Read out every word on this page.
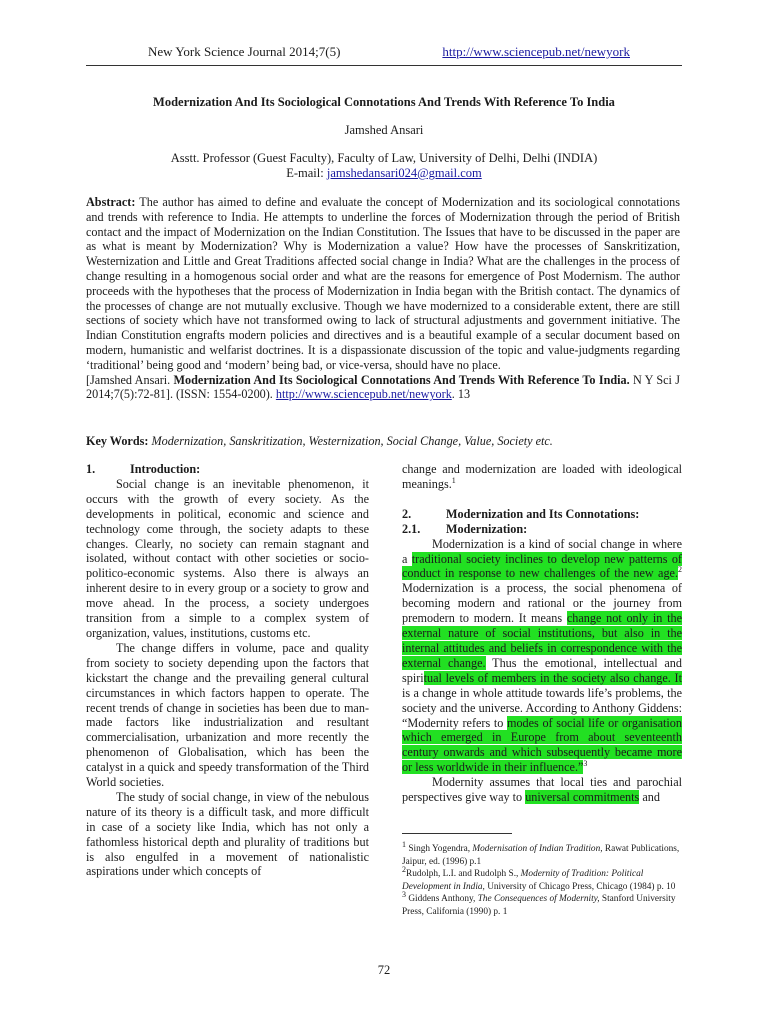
New York Science Journal 2014;7(5)	http://www.sciencepub.net/newyork
Modernization And Its Sociological Connotations And Trends With Reference To India
Jamshed Ansari
Asstt. Professor (Guest Faculty), Faculty of Law, University of Delhi, Delhi (INDIA)
E-mail: jamshedansari024@gmail.com
Abstract: The author has aimed to define and evaluate the concept of Modernization and its sociological connotations and trends with reference to India. He attempts to underline the forces of Modernization through the period of British contact and the impact of Modernization on the Indian Constitution. The Issues that have to be discussed in the paper are as what is meant by Modernization? Why is Modernization a value? How have the processes of Sanskritization, Westernization and Little and Great Traditions affected social change in India? What are the challenges in the process of change resulting in a homogenous social order and what are the reasons for emergence of Post Modernism. The author proceeds with the hypotheses that the process of Modernization in India began with the British contact. The dynamics of the processes of change are not mutually exclusive. Though we have modernized to a considerable extent, there are still sections of society which have not transformed owing to lack of structural adjustments and government initiative. The Indian Constitution engrafts modern policies and directives and is a beautiful example of a secular document based on modern, humanistic and welfarist doctrines. It is a dispassionate discussion of the topic and value-judgments regarding ‘traditional’ being good and ‘modern’ being bad, or vice-versa, should have no place.
[Jamshed Ansari. Modernization And Its Sociological Connotations And Trends With Reference To India. N Y Sci J 2014;7(5):72-81]. (ISSN: 1554-0200). http://www.sciencepub.net/newyork. 13
Key Words: Modernization, Sanskritization, Westernization, Social Change, Value, Society etc.
1.	Introduction:

Social change is an inevitable phenomenon, it occurs with the growth of every society. As the developments in political, economic and science and technology come through, the society adapts to these changes. Clearly, no society can remain stagnant and isolated, without contact with other societies or socio-politico-economic systems. Also there is always an inherent desire to in every group or a society to grow and move ahead. In the process, a society undergoes transition from a simple to a complex system of organization, values, institutions, customs etc.

The change differs in volume, pace and quality from society to society depending upon the factors that kickstart the change and the prevailing general cultural circumstances in which factors happen to operate. The recent trends of change in societies has been due to man-made factors like industrialization and resultant commercialisation, urbanization and more recently the phenomenon of Globalisation, which has been the catalyst in a quick and speedy transformation of the Third World societies.

The study of social change, in view of the nebulous nature of its theory is a difficult task, and more difficult in case of a society like India, which has not only a fathomless historical depth and plurality of traditions but is also engulfed in a movement of nationalistic aspirations under which concepts of

change and modernization are loaded with ideological meanings.$^1$
2.	Modernization and Its Connotations:
2.1.	Modernization:

Modernization is a kind of social change in where a traditional society inclines to develop new patterns of conduct in response to new challenges of the new age.$^2$ Modernization is a process, the social phenomena of becoming modern and rational or the journey from premodern to modern. It means change not only in the external nature of social institutions, but also in the internal attitudes and beliefs in correspondence with the external change. Thus the emotional, intellectual and spiritual levels of members in the society also change. It is a change in whole attitude towards life’s problems, the society and the universe. According to Anthony Giddens: “Modernity refers to modes of social life or organisation which emerged in Europe from about seventeenth century onwards and which subsequently became more or less worldwide in their influence.”$^3$

Modernity assumes that local ties and parochial perspectives give way to universal commitments and

$^1$ Singh Yogendra, Modernisation of Indian Tradition, Rawat Publications, Jaipur, ed. (1996) p.1
$^2$Rudolph, L.I. and Rudolph S., Modernity of Tradition: Political Development in India, University of Chicago Press, Chicago (1984) p. 10
$^3$ Giddens Anthony, The Consequences of Modernity, Stanford University Press, California (1990) p. 1
72
